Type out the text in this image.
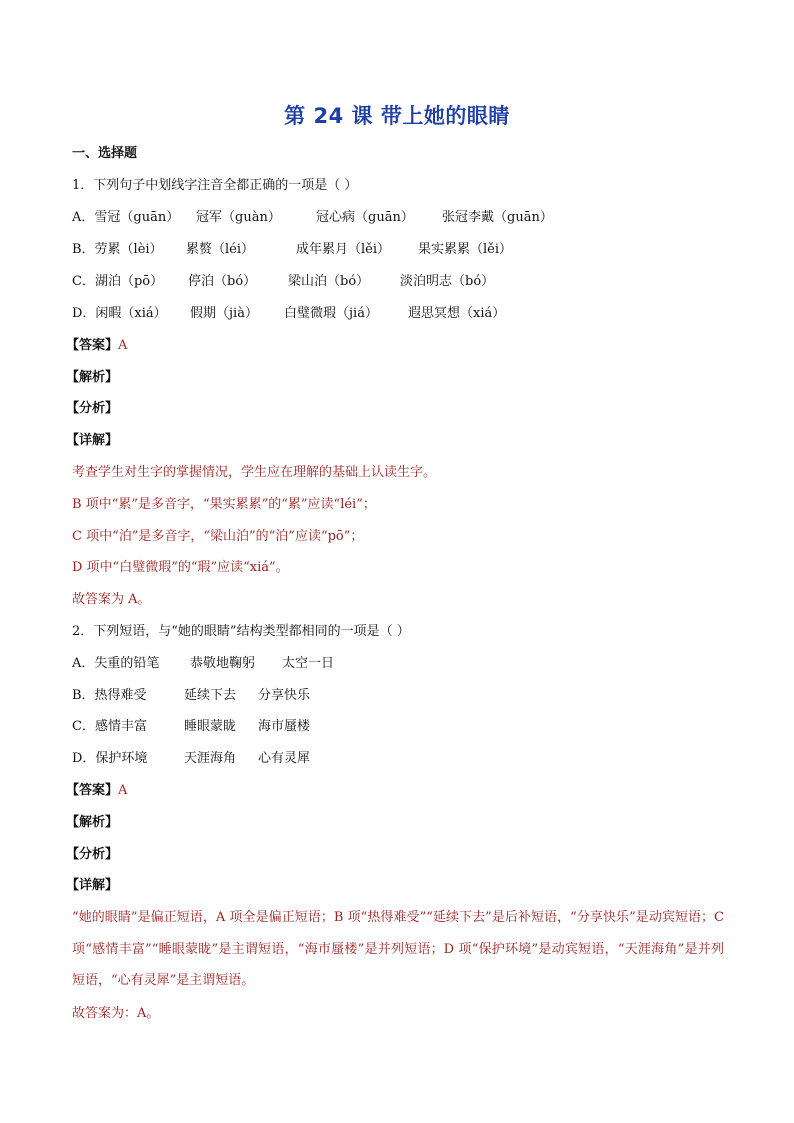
第 24 课 带上她的眼睛
一、选择题
1．下列句子中划线字注音全都正确的一项是（ ）
A．雪冠（guān） 冠军（guàn）	冠心病（guān） 张冠李戴（guān）
B．劳累（lèi） 累赘（léi）	成年累月（lěi） 果实累累（lěi）
C．湖泊（pō） 停泊（bó） 梁山泊（bó） 淡泊明志（bó）
D．闲暇（xiá） 假期（jià） 白璧微瑕（jiá） 遐思冥想（xiá）
【答案】A
【解析】
【分析】
【详解】
考查学生对生字的掌握情况，学生应在理解的基础上认读生字。
B 项中“累”是多音字，“果实累累”的“累”应读“léi”；
C 项中“泊”是多音字，“梁山泊”的“泊”应读“pō”；
D 项中“白璧微瑕”的“瑕”应读“xiá”。
故答案为 A。
2．下列短语，与“她的眼睛”结构类型都相同的一项是（ ）
A．失重的铅笔 恭敬地鞠躬 太空一日
B．热得难受	延续下去 分享快乐
C．感情丰富	睡眼蒙眬 海市蜃楼
D．保护环境	天涯海角 心有灵犀
【答案】A
【解析】
【分析】
【详解】
“她的眼睛”是偏正短语，A 项全是偏正短语；B 项“热得难受”“延续下去”是后补短语，“分享快乐”是动宾短语；C 项“感情丰富”“睡眼蒙眬”是主谓短语，“海市蜃楼”是并列短语；D 项“保护环境”是动宾短语，“天涯海角”是并列短语，“心有灵犀”是主谓短语。
故答案为：A。
